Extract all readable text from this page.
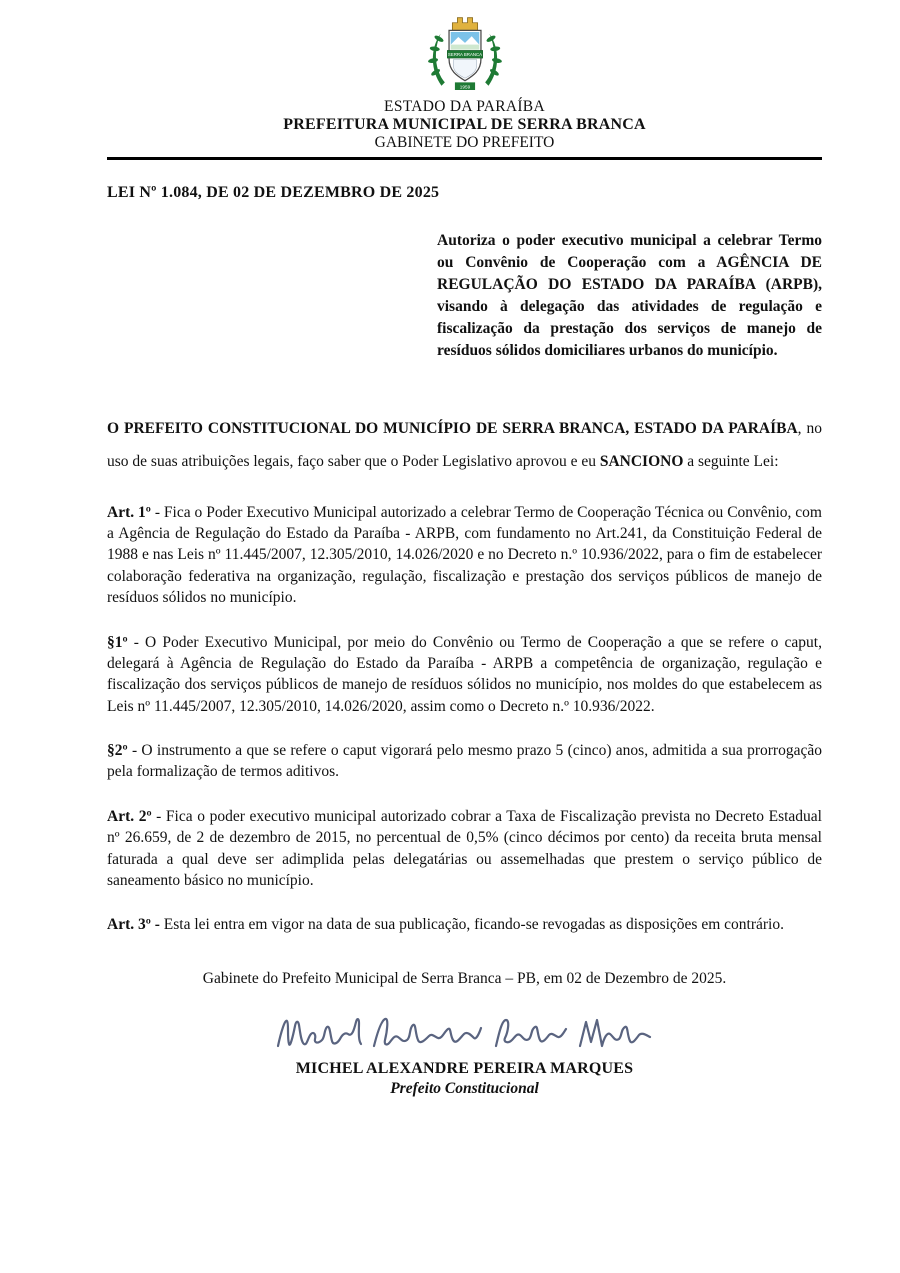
SERRA BRANCA
1959
ESTADO DA PARAÍBA
PREFEITURA MUNICIPAL DE SERRA BRANCA
GABINETE DO PREFEITO
LEI Nº 1.084, DE 02 DE DEZEMBRO DE 2025

Autoriza o poder executivo municipal a celebrar Termo ou Convênio de Cooperação com a AGÊNCIA DE REGULAÇÃO DO ESTADO DA PARAÍBA (ARPB), visando à delegação das atividades de regulação e fiscalização da prestação dos serviços de manejo de resíduos sólidos domiciliares urbanos do município.

O PREFEITO CONSTITUCIONAL DO MUNICÍPIO DE SERRA BRANCA, ESTADO DA PARAÍBA, no uso de suas atribuições legais, faço saber que o Poder Legislativo aprovou e eu SANCIONO a seguinte Lei:

Art. 1º - Fica o Poder Executivo Municipal autorizado a celebrar Termo de Cooperação Técnica ou Convênio, com a Agência de Regulação do Estado da Paraíba - ARPB, com fundamento no Art.241, da Constituição Federal de 1988 e nas Leis nº 11.445/2007, 12.305/2010, 14.026/2020 e no Decreto n.º 10.936/2022, para o fim de estabelecer colaboração federativa na organização, regulação, fiscalização e prestação dos serviços públicos de manejo de resíduos sólidos no município.

§1º - O Poder Executivo Municipal, por meio do Convênio ou Termo de Cooperação a que se refere o caput, delegará à Agência de Regulação do Estado da Paraíba - ARPB a competência de organização, regulação e fiscalização dos serviços públicos de manejo de resíduos sólidos no município, nos moldes do que estabelecem as Leis nº 11.445/2007, 12.305/2010, 14.026/2020, assim como o Decreto n.º 10.936/2022.

§2º - O instrumento a que se refere o caput vigorará pelo mesmo prazo 5 (cinco) anos, admitida a sua prorrogação pela formalização de termos aditivos.

Art. 2º - Fica o poder executivo municipal autorizado cobrar a Taxa de Fiscalização prevista no Decreto Estadual nº 26.659, de 2 de dezembro de 2015, no percentual de 0,5% (cinco décimos por cento) da receita bruta mensal faturada a qual deve ser adimplida pelas delegatárias ou assemelhadas que prestem o serviço público de saneamento básico no município.

Art. 3º - Esta lei entra em vigor na data de sua publicação, ficando-se revogadas as disposições em contrário.

Gabinete do Prefeito Municipal de Serra Branca – PB, em 02 de Dezembro de 2025.

MICHEL ALEXANDRE PEREIRA MARQUES
Prefeito Constitucional
